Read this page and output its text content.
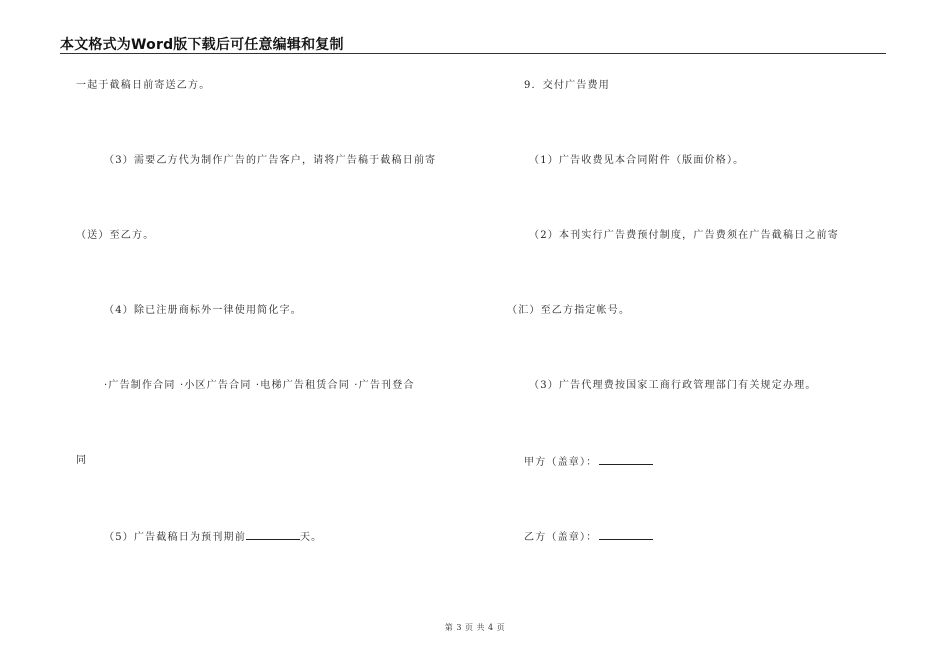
本文格式为Word版下载后可任意编辑和复制
一起于截稿日前寄送乙方。
（3）需要乙方代为制作广告的广告客户，请将广告稿于截稿日前寄
（送）至乙方。
（4）除已注册商标外一律使用简化字。
·广告制作合同 ·小区广告合同 ·电梯广告租赁合同 ·广告刊登合
同
（5）广告截稿日为预刊期前	天。
9．交付广告费用
（1）广告收费见本合同附件（版面价格）。
（2）本刊实行广告费预付制度，广告费须在广告截稿日之前寄
（汇）至乙方指定帐号。
（3）广告代理费按国家工商行政管理部门有关规定办理。
甲方（盖章）：
乙方（盖章）：
第 3 页 共 4 页
